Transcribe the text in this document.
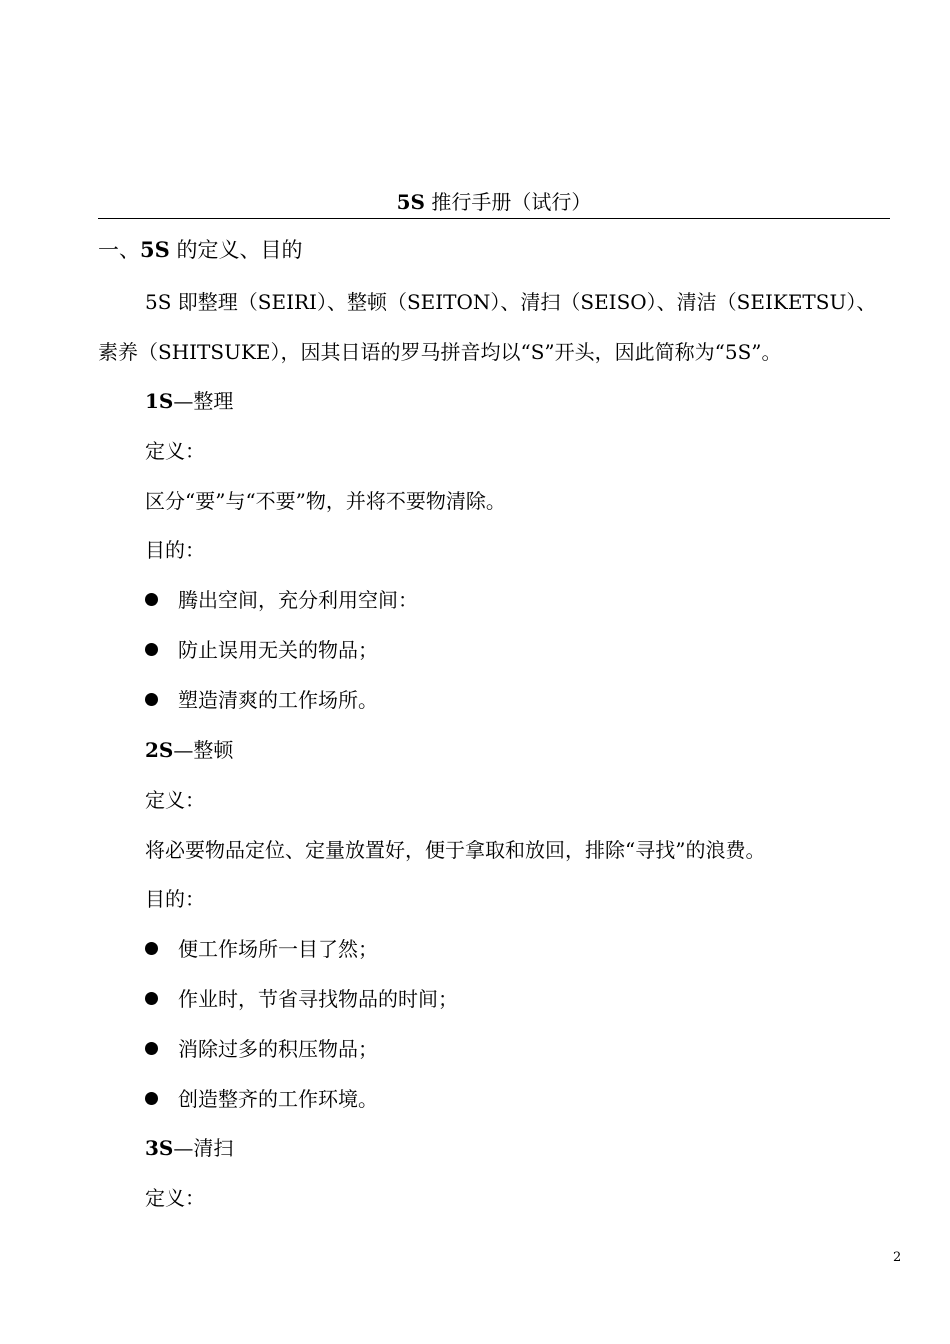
5S 推行手册（试行）
一、5S 的定义、目的
5S 即整理（SEIRI）、整顿（SEITON）、清扫（SEISO）、清洁（SEIKETSU）、
素养（SHITSUKE），因其日语的罗马拼音均以“S”开头，因此简称为“5S”。
1S—整理
定义：
区分“要”与“不要”物，并将不要物清除。
目的：
腾出空间，充分利用空间：
防止误用无关的物品；
塑造清爽的工作场所。
2S—整顿
定义：
将必要物品定位、定量放置好，便于拿取和放回，排除“寻找”的浪费。
目的：
便工作场所一目了然；
作业时，节省寻找物品的时间；
消除过多的积压物品；
创造整齐的工作环境。
3S—清扫
定义：
2
